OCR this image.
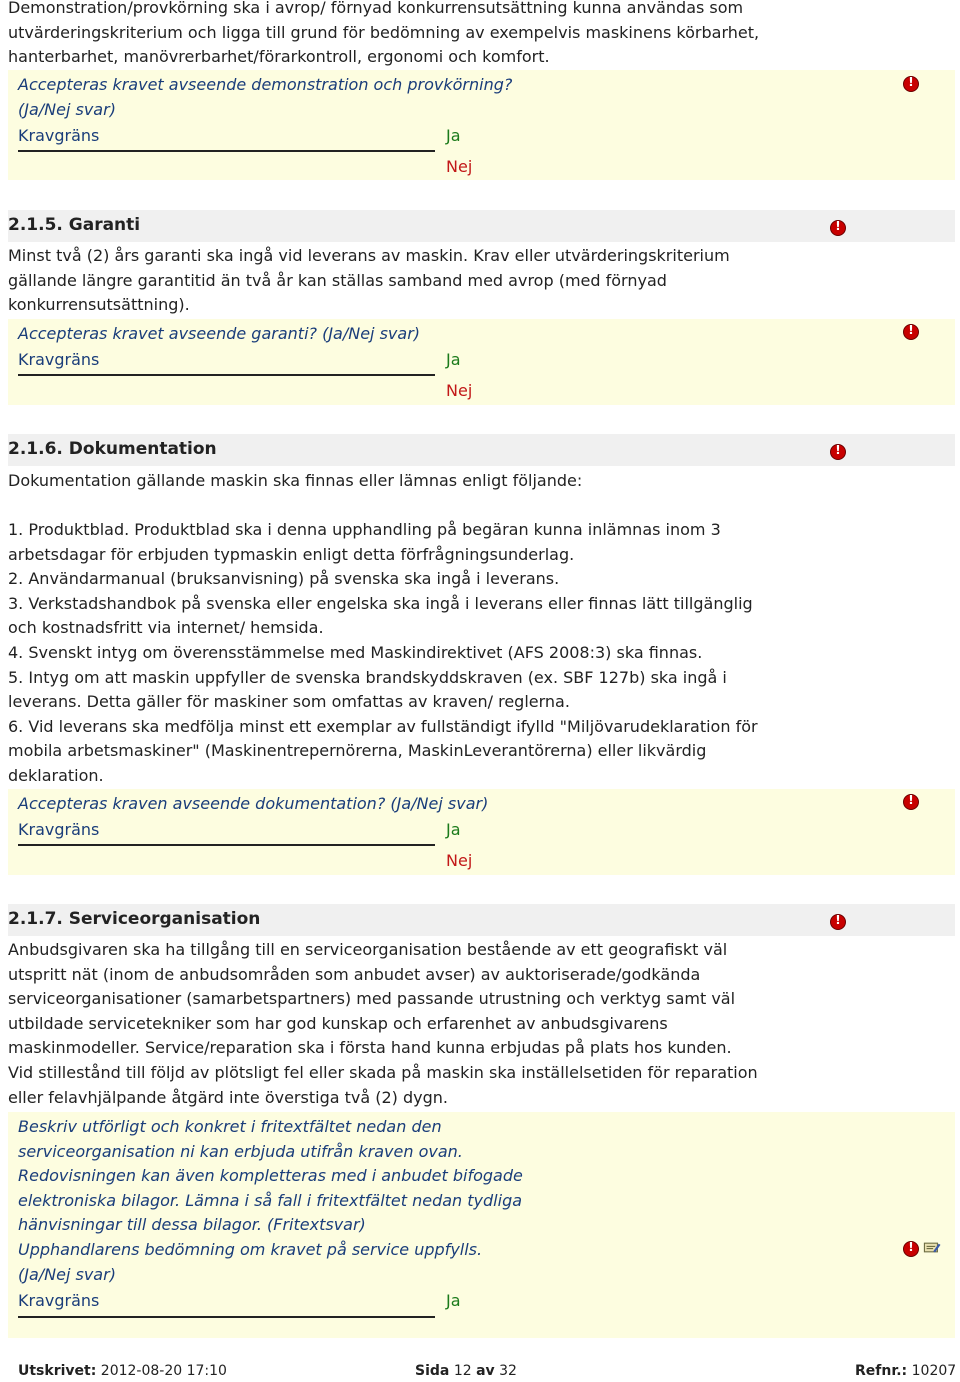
Demonstration/provkörning ska i avrop/ förnyad konkurrensutsättning kunna användas som
utvärderingskriterium och ligga till grund för bedömning av exempelvis maskinens körbarhet,
hanterbarhet, manövrerbarhet/förarkontroll, ergonomi och komfort.
Accepteras kravet avseende demonstration och provkörning?
(Ja/Nej svar)
Kravgräns	Ja
Nej
!
2.1.5. Garanti
!
Minst två (2) års garanti ska ingå vid leverans av maskin. Krav eller utvärderingskriterium
gällande längre garantitid än två år kan ställas samband med avrop (med förnyad
konkurrensutsättning).
Accepteras kravet avseende garanti? (Ja/Nej svar)
Kravgräns	Ja
Nej
!
2.1.6. Dokumentation
!
Dokumentation gällande maskin ska finnas eller lämnas enligt följande:
1. Produktblad. Produktblad ska i denna upphandling på begäran kunna inlämnas inom 3
arbetsdagar för erbjuden typmaskin enligt detta förfrågningsunderlag.
2. Användarmanual (bruksanvisning) på svenska ska ingå i leverans.
3. Verkstadshandbok på svenska eller engelska ska ingå i leverans eller finnas lätt tillgänglig
och kostnadsfritt via internet/ hemsida.
4. Svenskt intyg om överensstämmelse med Maskindirektivet (AFS 2008:3) ska finnas.
5. Intyg om att maskin uppfyller de svenska brandskyddskraven (ex. SBF 127b) ska ingå i
leverans. Detta gäller för maskiner som omfattas av kraven/ reglerna.
6. Vid leverans ska medfölja minst ett exemplar av fullständigt ifylld "Miljövarudeklaration för
mobila arbetsmaskiner" (Maskinentrepernörerna, MaskinLeverantörerna) eller likvärdig
deklaration.
Accepteras kraven avseende dokumentation? (Ja/Nej svar)
Kravgräns	Ja
Nej
!
2.1.7. Serviceorganisation
!
Anbudsgivaren ska ha tillgång till en serviceorganisation bestående av ett geografiskt väl
utspritt nät (inom de anbudsområden som anbudet avser) av auktoriserade/godkända
serviceorganisationer (samarbetspartners) med passande utrustning och verktyg samt väl
utbildade servicetekniker som har god kunskap och erfarenhet av anbudsgivarens
maskinmodeller. Service/reparation ska i första hand kunna erbjudas på plats hos kunden.
Vid stillestånd till följd av plötsligt fel eller skada på maskin ska inställelsetiden för reparation
eller felavhjälpande åtgärd inte överstiga två (2) dygn.
Beskriv utförligt och konkret i fritextfältet nedan den
serviceorganisation ni kan erbjuda utifrån kraven ovan.
Redovisningen kan även kompletteras med i anbudet bifogade
elektroniska bilagor. Lämna i så fall i fritextfältet nedan tydliga
hänvisningar till dessa bilagor. (Fritextsvar)
Upphandlarens bedömning om kravet på service uppfylls.
(Ja/Nej svar)
Kravgräns	Ja
!
Utskrivet: 2012-08-20 17:10	Sida 12 av 32	Refnr.: 10207
